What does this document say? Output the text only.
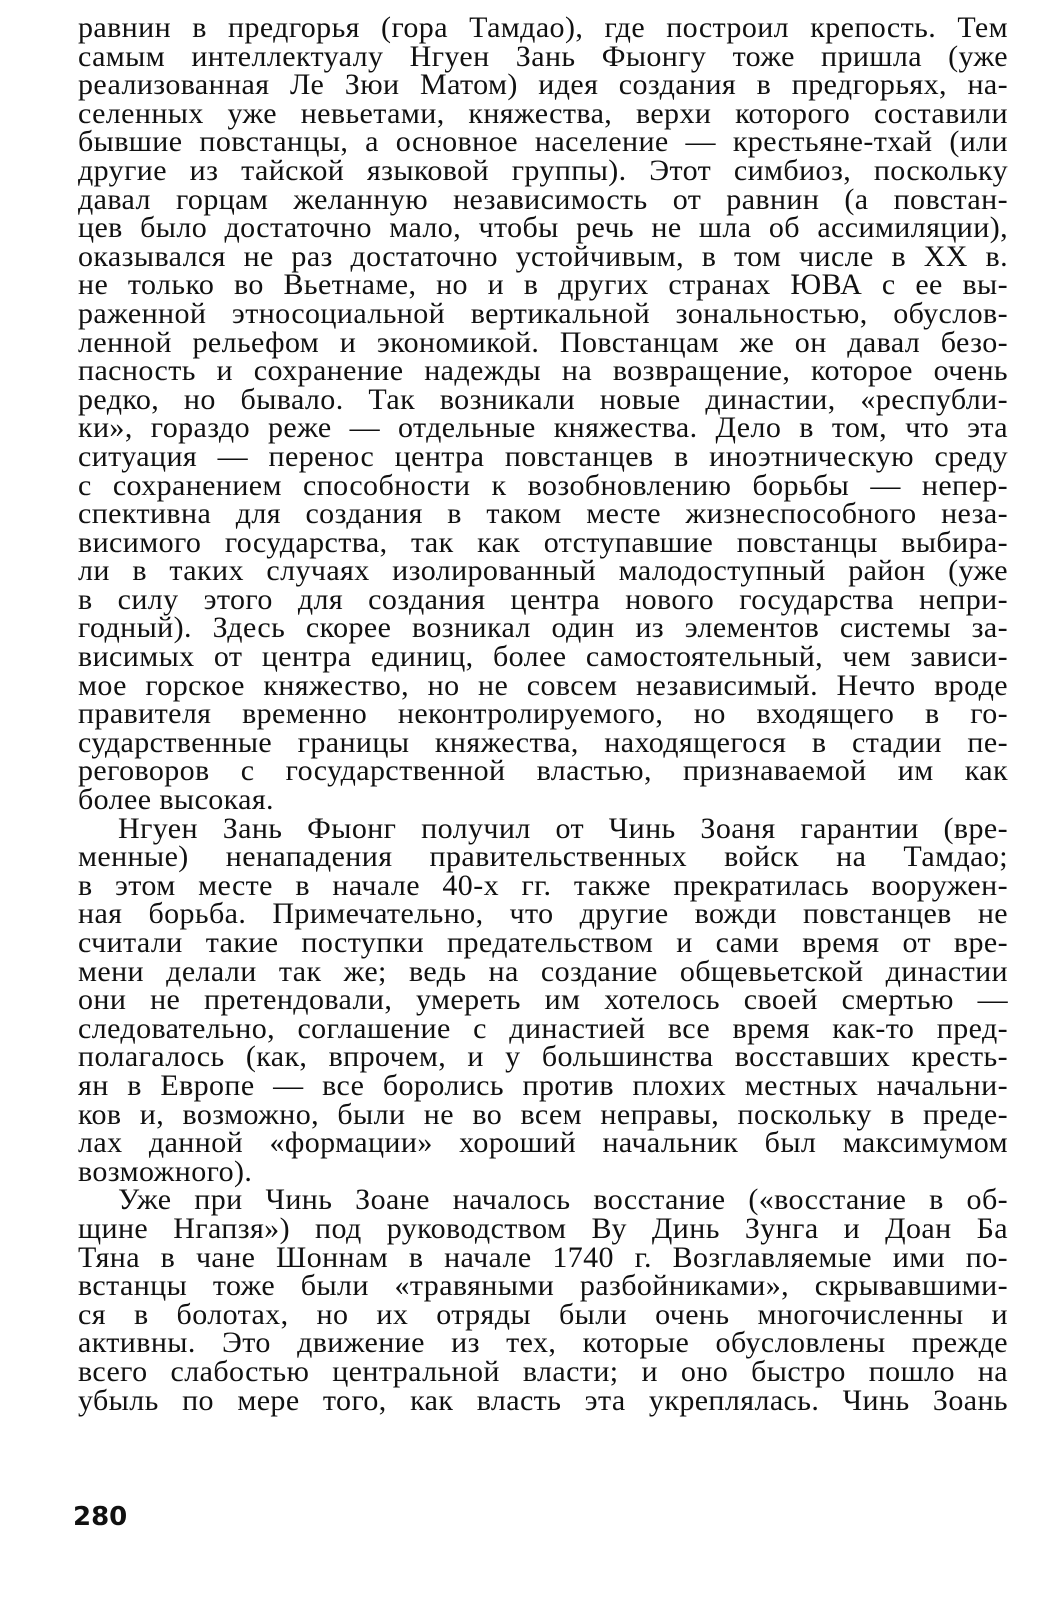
равнин в предгорья (гора Тамдао), где построил крепость. Тем
самым интеллектуалу Нгуен Зань Фыонгу тоже пришла (уже
реализованная Ле Зюи Матом) идея создания в предгорьях, на-
селенных уже невьетами, княжества, верхи которого составили
бывшие повстанцы, а основное население — крестьяне-тхай (или
другие из тайской языковой группы). Этот симбиоз, поскольку
давал горцам желанную независимость от равнин (а повстан-
цев было достаточно мало, чтобы речь не шла об ассимиляции),
оказывался не раз достаточно устойчивым, в том числе в XX в.
не только во Вьетнаме, но и в других странах ЮВА с ее вы-
раженной этносоциальной вертикальной зональностью, обуслов-
ленной рельефом и экономикой. Повстанцам же он давал безо-
пасность и сохранение надежды на возвращение, которое очень
редко, но бывало. Так возникали новые династии, «республи-
ки», гораздо реже — отдельные княжества. Дело в том, что эта
ситуация — перенос центра повстанцев в иноэтническую среду
с сохранением способности к возобновлению борьбы — непер-
спективна для создания в таком месте жизнеспособного неза-
висимого государства, так как отступавшие повстанцы выбира-
ли в таких случаях изолированный малодоступный район (уже
в силу этого для создания центра нового государства непри-
годный). Здесь скорее возникал один из элементов системы за-
висимых от центра единиц, более самостоятельный, чем зависи-
мое горское княжество, но не совсем независимый. Нечто вроде
правителя временно неконтролируемого, но входящего в го-
сударственные границы княжества, находящегося в стадии пе-
реговоров с государственной властью, признаваемой им как
более высокая.
Нгуен Зань Фыонг получил от Чинь Зоаня гарантии (вре-
менные) ненападения правительственных войск на Тамдао;
в этом месте в начале 40-х гг. также прекратилась вооружен-
ная борьба. Примечательно, что другие вожди повстанцев не
считали такие поступки предательством и сами время от вре-
мени делали так же; ведь на создание общевьетской династии
они не претендовали, умереть им хотелось своей смертью —
следовательно, соглашение с династией все время как-то пред-
полагалось (как, впрочем, и у большинства восставших кресть-
ян в Европе — все боролись против плохих местных начальни-
ков и, возможно, были не во всем неправы, поскольку в преде-
лах данной «формации» хороший начальник был максимумом
возможного).
Уже при Чинь Зоане началось восстание («восстание в об-
щине Нгапзя») под руководством Ву Динь Зунга и Доан Ба
Тяна в чане Шоннам в начале 1740 г. Возглавляемые ими по-
встанцы тоже были «травяными разбойниками», скрывавшими-
ся в болотах, но их отряды были очень многочисленны и
активны. Это движение из тех, которые обусловлены прежде
всего слабостью центральной власти; и оно быстро пошло на
убыль по мере того, как власть эта укреплялась. Чинь Зоань
280
